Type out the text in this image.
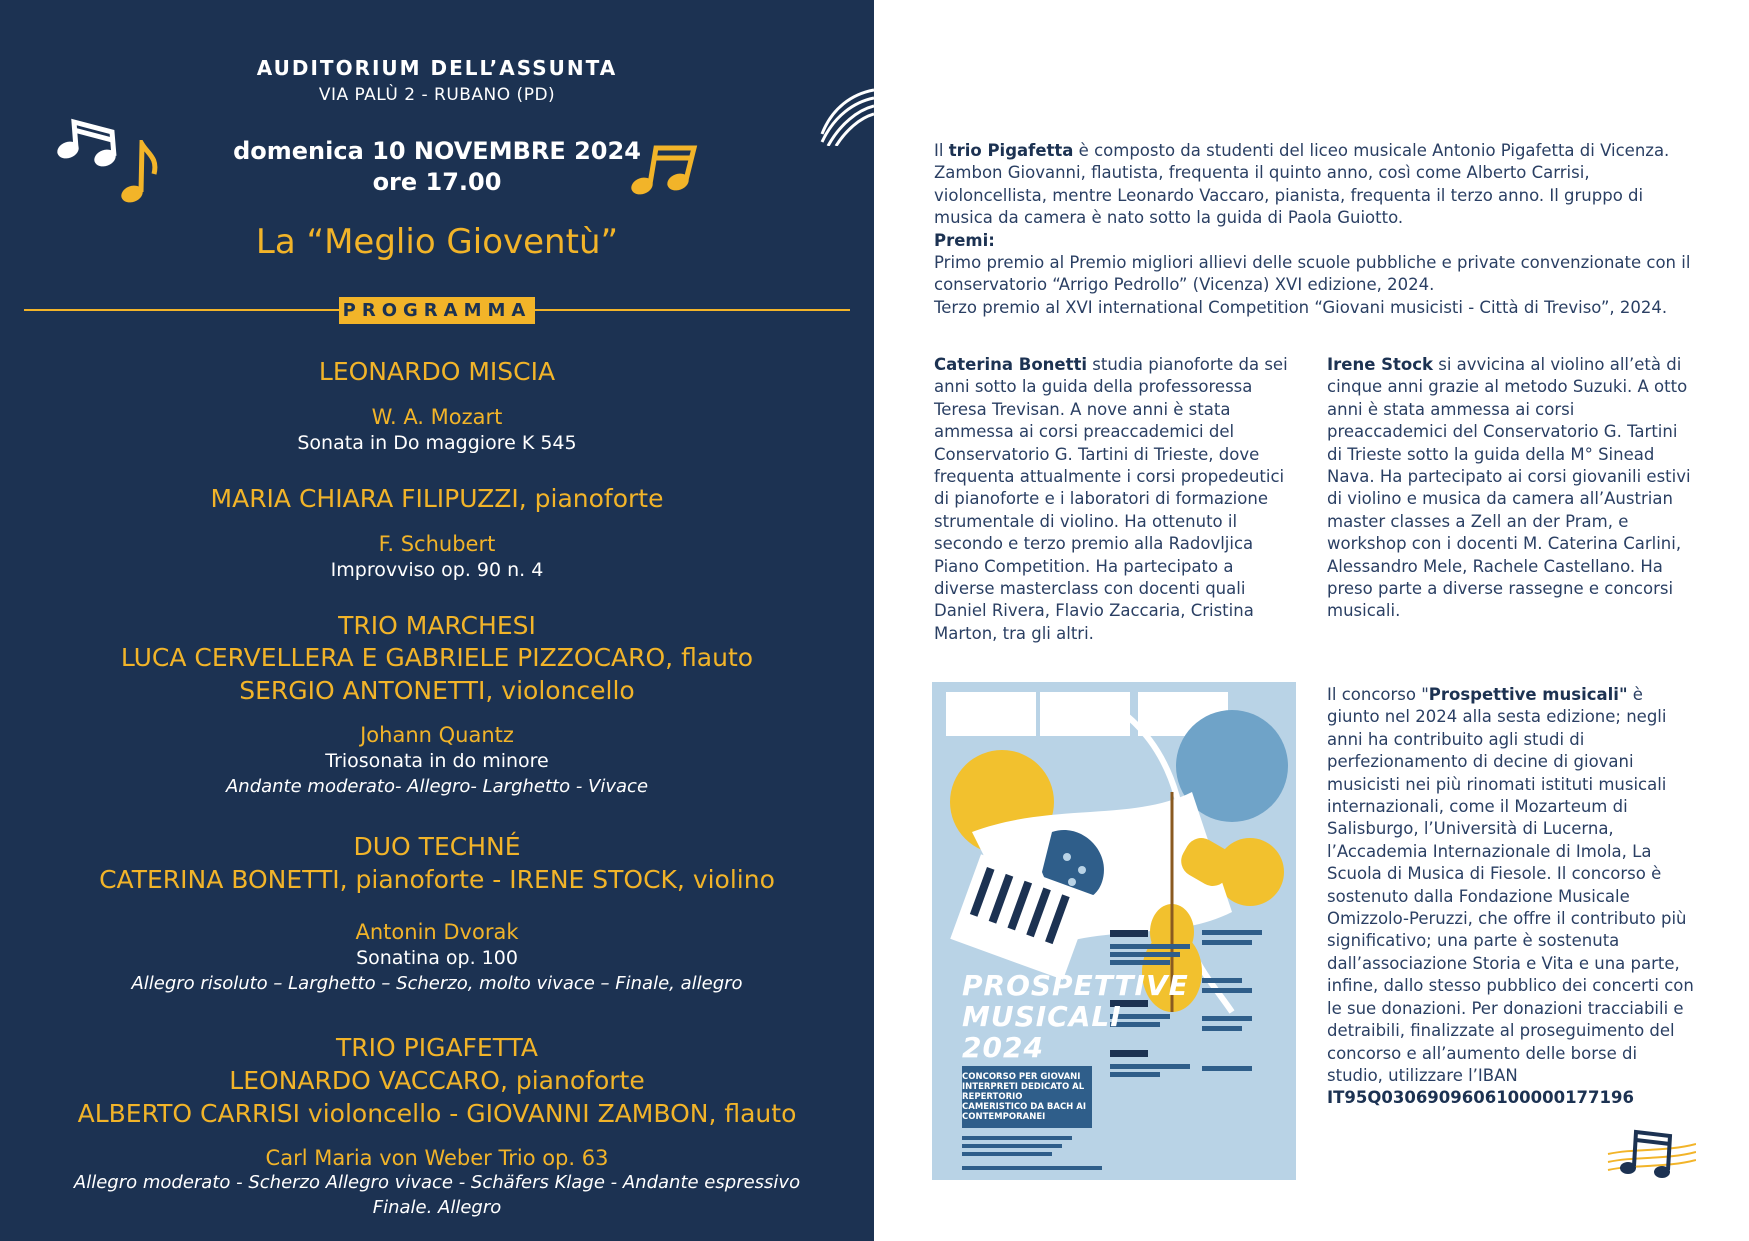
AUDITORIUM DELL’ASSUNTA
VIA PALÙ 2 - RUBANO (PD)
domenica 10 NOVEMBRE 2024
ore 17.00
La “Meglio Gioventù”
PROGRAMMA
LEONARDO MISCIA
W. A. Mozart
Sonata in Do maggiore K 545
MARIA CHIARA FILIPUZZI, pianoforte
F. Schubert
Improvviso op. 90 n. 4
TRIO MARCHESI
LUCA CERVELLERA E GABRIELE PIZZOCARO, flauto
SERGIO ANTONETTI, violoncello
Johann Quantz
Triosonata in do minore
Andante moderato- Allegro- Larghetto - Vivace
DUO TECHNÉ
CATERINA BONETTI, pianoforte - IRENE STOCK, violino
Antonin Dvorak
Sonatina op. 100
Allegro risoluto – Larghetto – Scherzo, molto vivace – Finale, allegro
TRIO PIGAFETTA
LEONARDO VACCARO, pianoforte
ALBERTO CARRISI violoncello - GIOVANNI ZAMBON, flauto
Carl Maria von Weber Trio op. 63
Allegro moderato - Scherzo Allegro vivace - Schäfers Klage - Andante espressivo
Finale. Allegro

Il trio Pigafetta è composto da studenti del liceo musicale Antonio Pigafetta di Vicenza. Zambon Giovanni, flautista, frequenta il quinto anno, così come Alberto Carrisi, violoncellista, mentre Leonardo Vaccaro, pianista, frequenta il terzo anno. Il gruppo di musica da camera è nato sotto la guida di Paola Guiotto.
Premi:
Primo premio al Premio migliori allievi delle scuole pubbliche e private convenzionate con il conservatorio “Arrigo Pedrollo” (Vicenza) XVI edizione, 2024.
Terzo premio al XVI international Competition “Giovani musicisti - Città di Treviso”, 2024.

Caterina Bonetti studia pianoforte da sei anni sotto la guida della professoressa Teresa Trevisan. A nove anni è stata ammessa ai corsi preaccademici del Conservatorio G. Tartini di Trieste, dove frequenta attualmente i corsi propedeutici di pianoforte e i laboratori di formazione strumentale di violino. Ha ottenuto il secondo e terzo premio alla Radovljica Piano Competition. Ha partecipato a diverse masterclass con docenti quali Daniel Rivera, Flavio Zaccaria, Cristina Marton, tra gli altri.

Irene Stock si avvicina al violino all’età di cinque anni grazie al metodo Suzuki. A otto anni è stata ammessa ai corsi preaccademici del Conservatorio G. Tartini di Trieste sotto la guida della M° Sinead Nava. Ha partecipato ai corsi giovanili estivi di violino e musica da camera all’Austrian master classes a Zell an der Pram, e workshop con i docenti M. Caterina Carlini, Alessandro Mele, Rachele Castellano. Ha preso parte a diverse rassegne e concorsi musicali.

Il concorso "Prospettive musicali" è giunto nel 2024 alla sesta edizione; negli anni ha contribuito agli studi di perfezionamento di decine di giovani musicisti nei più rinomati istituti musicali internazionali, come il Mozarteum di Salisburgo, l’Università di Lucerna, l’Accademia Internazionale di Imola, La Scuola di Musica di Fiesole. Il concorso è sostenuto dalla Fondazione Musicale Omizzolo-Peruzzi, che offre il contributo più significativo; una parte è sostenuta dall’associazione Storia e Vita e una parte, infine, dallo stesso pubblico dei concerti con le sue donazioni. Per donazioni tracciabili e detraibili, finalizzate al proseguimento del concorso e all’aumento delle borse di studio, utilizzare l’IBAN IT95Q0306909606100000177196

PROSPETTIVE
MUSICALI
2024
CONCORSO PER GIOVANI INTERPRETI DEDICATO AL REPERTORIO CAMERISTICO DA BACH AI CONTEMPORANEI
